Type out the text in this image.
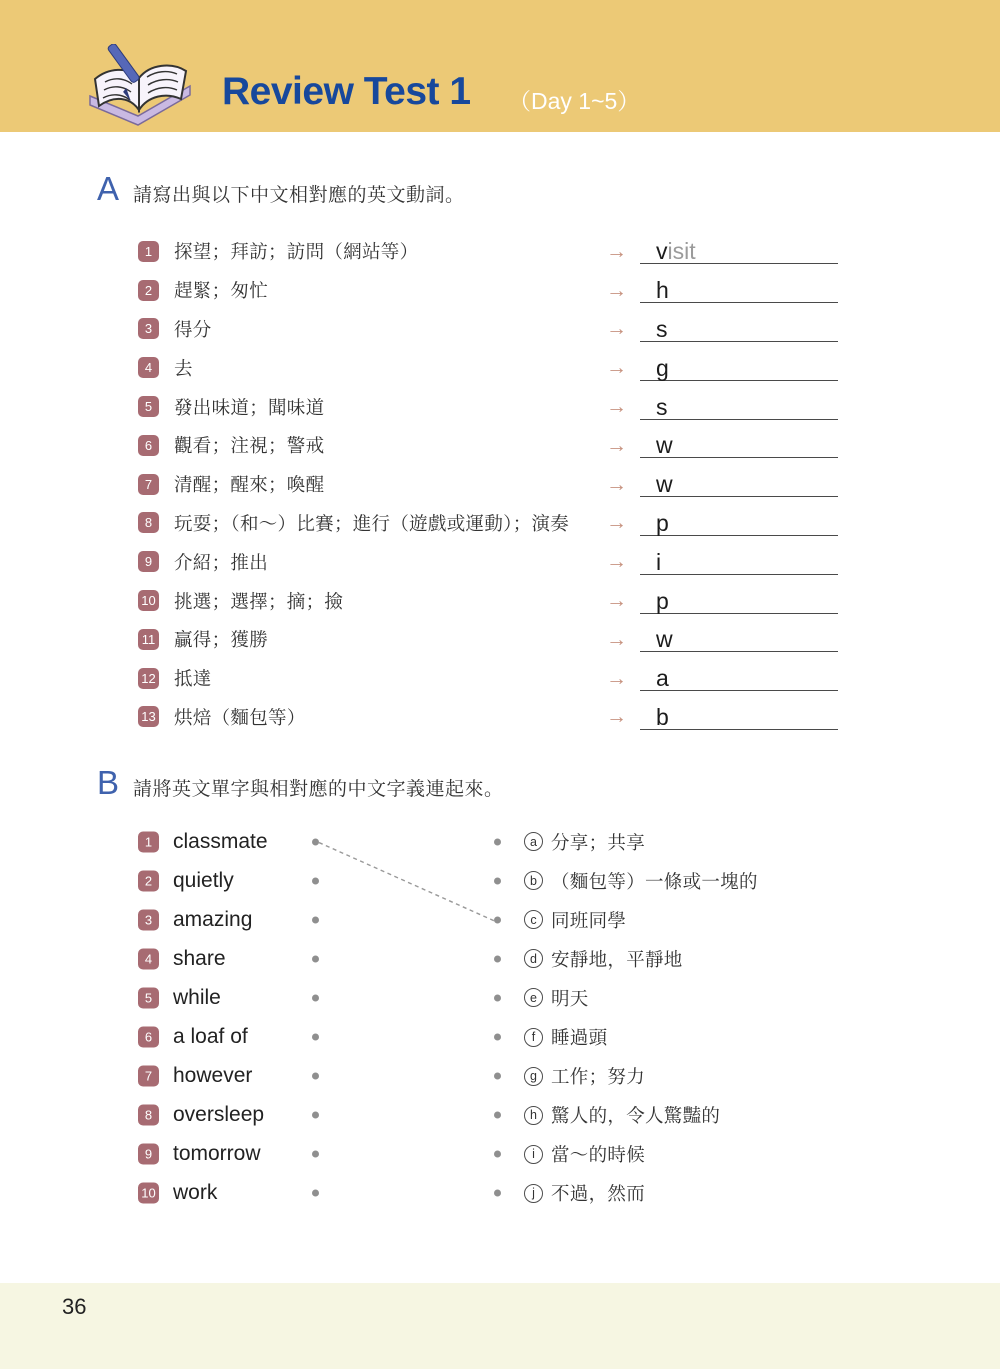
Review Test 1 （Day 1~5）
A 請寫出與以下中文相對應的英文動詞。
1	探望；拜訪；訪問（網站等）	→ v isit
2	趕緊；匆忙	→ h
3	得分	→ s
4	去	→ g
5	發出味道；聞味道	→ s
6	觀看；注視；警戒	→ w
7	清醒；醒來；喚醒	→ w
8	玩耍；（和～）比賽；進行（遊戲或運動）；演奏 → p
9	介紹；推出	→ i
10 挑選；選擇；摘；撿	→ p
11 贏得；獲勝	→ w
12 抵達	→ a
13 烘焙（麵包等）	→ b
B 請將英文單字與相對應的中文字義連起來。
1 classmate	a 分享；共享
2 quietly	b （麵包等）一條或一塊的
3 amazing	c 同班同學
4 share	d 安靜地，平靜地
5 while	e 明天
6 a loaf of	f 睡過頭
7 however	g 工作；努力
8 oversleep	h 驚人的，令人驚豔的
9 tomorrow	i 當～的時候
10 work	j 不過，然而
36
